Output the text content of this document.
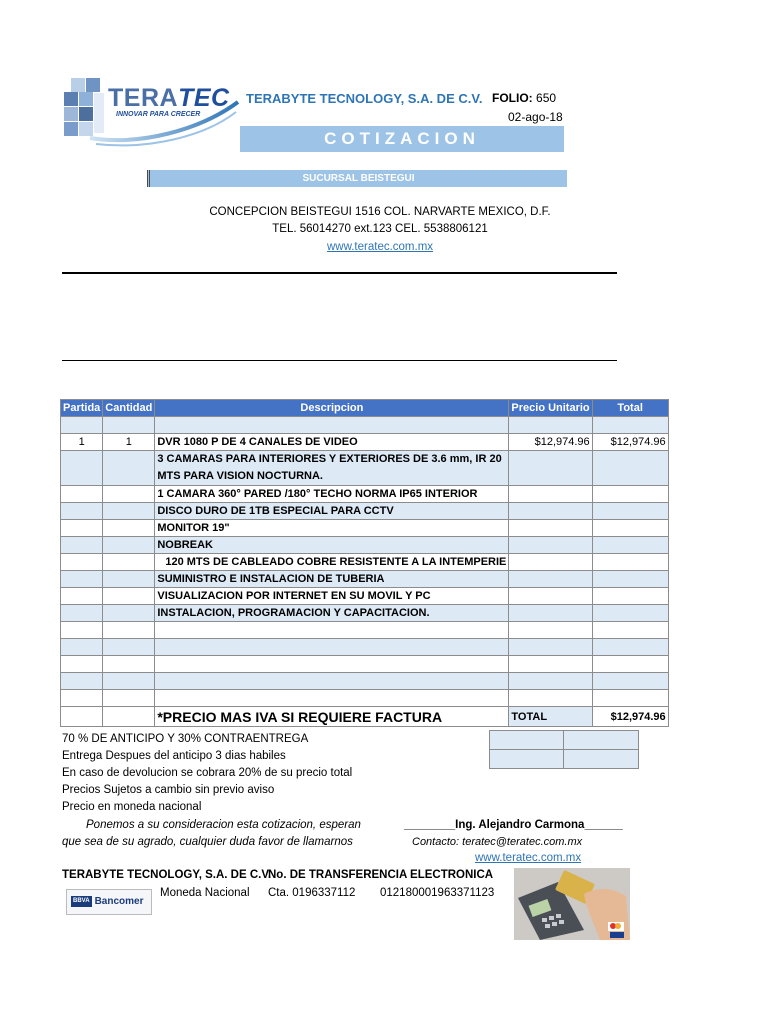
TERATEC
INNOVAR PARA CRECER
TERABYTE TECNOLOGY, S.A. DE C.V. FOLIO: 650
02-ago-18
COTIZACION
SUCURSAL BEISTEGUI
CONCEPCION BEISTEGUI 1516 COL. NARVARTE MEXICO, D.F.
TEL. 56014270 ext.123 CEL. 5538806121
www.teratec.com.mx
Partida	Cantidad	Descripcion	Precio Unitario	Total

1	1	DVR 1080 P DE 4 CANALES DE VIDEO	$12,974.96	$12,974.96
		3 CAMARAS PARA INTERIORES Y EXTERIORES DE 3.6 mm, IR 20 MTS PARA VISION NOCTURNA.		
		1 CAMARA 360° PARED /180° TECHO NORMA IP65 INTERIOR		
		DISCO DURO DE 1TB ESPECIAL PARA CCTV		
		MONITOR 19"		
		NOBREAK		
		120 MTS DE CABLEADO COBRE RESISTENTE A LA INTEMPERIE		
		SUMINISTRO E INSTALACION DE TUBERIA		
		VISUALIZACION POR INTERNET EN SU MOVIL Y PC		
		INSTALACION, PROGRAMACION Y CAPACITACION.		

		*PRECIO MAS IVA SI REQUIERE FACTURA	TOTAL	$12,974.96

70 % DE ANTICIPO Y 30% CONTRAENTREGA
Entrega Despues del anticipo 3 dias habiles
En caso de devolucion se cobrara 20% de su precio total
Precios Sujetos a cambio sin previo aviso
Precio en moneda nacional
Ponemos a su consideracion esta cotizacion, esperan
que sea de su agrado, cualquier duda favor de llamarnos
________Ing. Alejandro Carmona______
Contacto: teratec@teratec.com.mx
www.teratec.com.mx
TERABYTE TECNOLOGY, S.A. DE C.V.
No. DE TRANSFERENCIA ELECTRONICA
BBVA Bancomer
Moneda Nacional Cta. 0196337112 012180001963371123
